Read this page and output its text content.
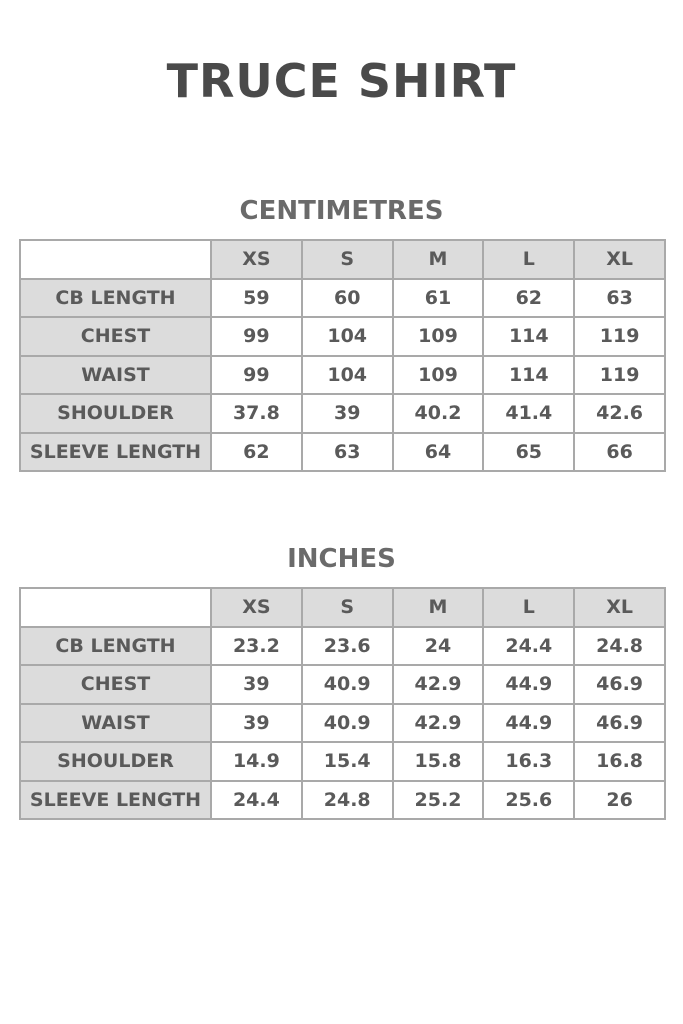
TRUCE SHIRT
CENTIMETRES
	XS	S	M	L	XL
CB LENGTH	59	60	61	62	63
CHEST	99	104	109	114	119
WAIST	99	104	109	114	119
SHOULDER	37.8	39	40.2	41.4	42.6
SLEEVE LENGTH	62	63	64	65	66
INCHES
	XS	S	M	L	XL
CB LENGTH	23.2	23.6	24	24.4	24.8
CHEST	39	40.9	42.9	44.9	46.9
WAIST	39	40.9	42.9	44.9	46.9
SHOULDER	14.9	15.4	15.8	16.3	16.8
SLEEVE LENGTH	24.4	24.8	25.2	25.6	26
